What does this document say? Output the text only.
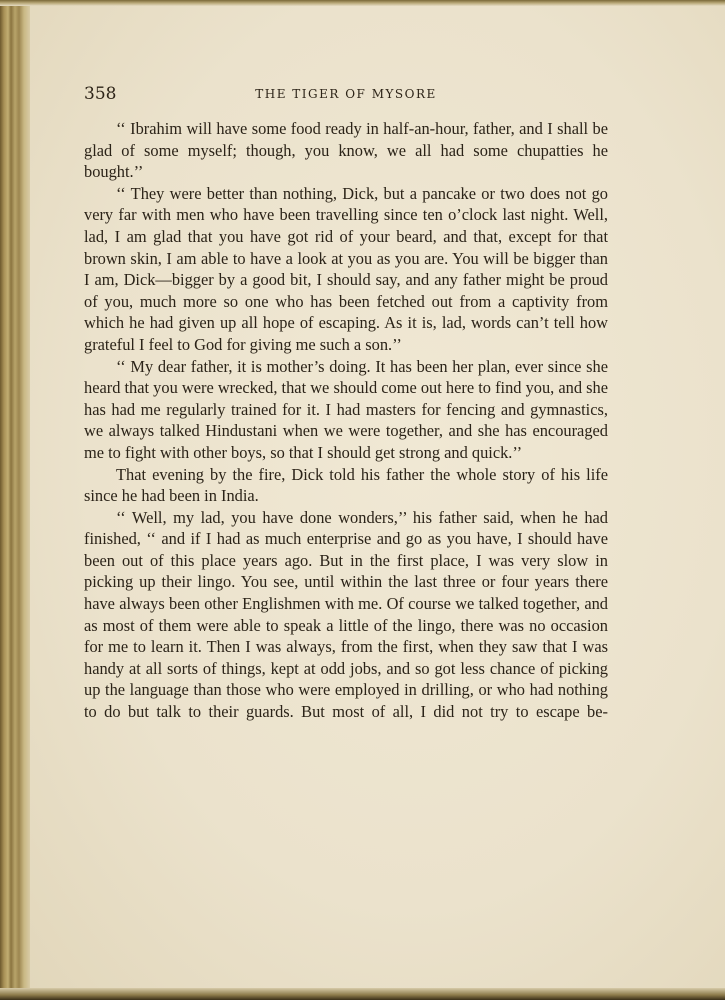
358	THE TIGER OF MYSORE

‘‘ Ibrahim will have some food ready in half-an-hour, father, and I shall be glad of some myself; though, you know, we all had some chupatties he bought.’’

‘‘ They were better than nothing, Dick, but a pancake or two does not go very far with men who have been travelling since ten o’clock last night. Well, lad, I am glad that you have got rid of your beard, and that, except for that brown skin, I am able to have a look at you as you are. You will be bigger than I am, Dick—bigger by a good bit, I should say, and any father might be proud of you, much more so one who has been fetched out from a captivity from which he had given up all hope of escaping. As it is, lad, words can’t tell how grateful I feel to God for giving me such a son.’’

‘‘ My dear father, it is mother’s doing. It has been her plan, ever since she heard that you were wrecked, that we should come out here to find you, and she has had me regularly trained for it. I had masters for fencing and gymnastics, we always talked Hindustani when we were together, and she has encouraged me to fight with other boys, so that I should get strong and quick.’’

That evening by the fire, Dick told his father the whole story of his life since he had been in India.

‘‘ Well, my lad, you have done wonders,’’ his father said, when he had finished, ‘‘ and if I had as much enterprise and go as you have, I should have been out of this place years ago. But in the first place, I was very slow in picking up their lingo. You see, until within the last three or four years there have always been other Englishmen with me. Of course we talked together, and as most of them were able to speak a little of the lingo, there was no occasion for me to learn it. Then I was always, from the first, when they saw that I was handy at all sorts of things, kept at odd jobs, and so got less chance of picking up the language than those who were employed in drilling, or who had nothing to do but talk to their guards. But most of all, I did not try to escape be-
